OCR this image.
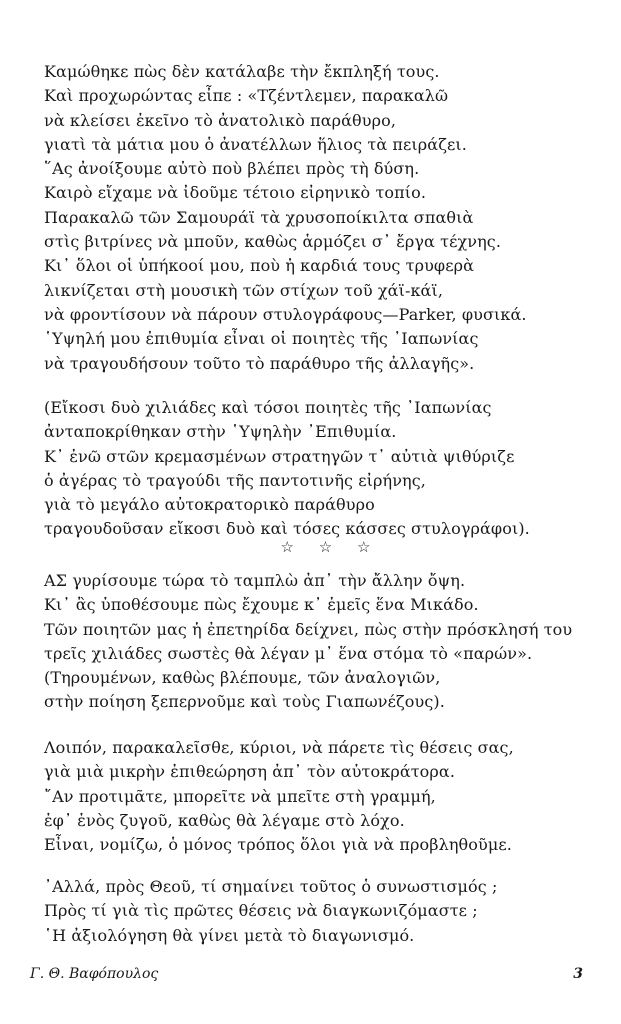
Καμώθηκε πὼς δὲν κατάλαβε τὴν ἔκπληξή τους.
Καὶ προχωρώντας εἶπε : «Τζέντλεμεν, παρακαλῶ
νὰ κλείσει ἐκεῖνο τὸ ἀνατολικὸ παράθυρο,
γιατὶ τὰ μάτια μου ὁ ἀνατέλλων ἥλιος τὰ πειράζει.
῞Ας ἀνοίξουμε αὐτὸ ποὺ βλέπει πρὸς τὴ δύση.
Καιρὸ εἴχαμε νὰ ἰδοῦμε τέτοιο εἰρηνικὸ τοπίο.
Παρακαλῶ τῶν Σαμουράϊ τὰ χρυσοποίκιλτα σπαθιὰ
στὶς βιτρίνες νὰ μποῦν, καθὼς ἁρμόζει σ᾽ ἔργα τέχνης.
Κι᾽ ὅλοι οἱ ὑπήκοοί μου, ποὺ ἡ καρδιά τους τρυφερὰ
λικνίζεται στὴ μουσικὴ τῶν στίχων τοῦ χάϊ-κάϊ,
νὰ φροντίσουν νὰ πάρουν στυλογράφους—Parker, φυσικά.
῾Υψηλή μου ἐπιθυμία εἶναι οἱ ποιητὲς τῆς ᾽Ιαπωνίας
νὰ τραγουδήσουν τοῦτο τὸ παράθυρο τῆς ἀλλαγῆς».
(Εἴκοσι δυὸ χιλιάδες καὶ τόσοι ποιητὲς τῆς ᾽Ιαπωνίας
ἀνταποκρίθηκαν στὴν ῾Υψηλὴν ᾽Επιθυμία.
Κ᾽ ἐνῶ στῶν κρεμασμένων στρατηγῶν τ᾽ αὐτιὰ ψιθύριζε
ὁ ἀγέρας τὸ τραγούδι τῆς παντοτινῆς εἰρήνης,
γιὰ τὸ μεγάλο αὐτοκρατορικὸ παράθυρο
τραγουδοῦσαν εἴκοσι δυὸ καὶ τόσες κάσσες στυλογράφοι).
☆ ☆ ☆
ΑΣ γυρίσουμε τώρα τὸ ταμπλὼ ἀπ᾽ τὴν ἄλλην ὄψη.
Κι᾽ ἂς ὑποθέσουμε πὼς ἔχουμε κ᾽ ἐμεῖς ἕνα Μικάδο.
Τῶν ποιητῶν μας ἡ ἐπετηρίδα δείχνει, πὼς στὴν πρόσκλησή του
τρεῖς χιλιάδες σωστὲς θὰ λέγαν μ᾽ ἕνα στόμα τὸ «παρών».
(Τηρουμένων, καθὼς βλέπουμε, τῶν ἀναλογιῶν,
στὴν ποίηση ξεπερνοῦμε καὶ τοὺς Γιαπωνέζους).
Λοιπόν, παρακαλεῖσθε, κύριοι, νὰ πάρετε τὶς θέσεις σας,
γιὰ μιὰ μικρὴν ἐπιθεώρηση ἀπ᾽ τὸν αὐτοκράτορα.
῎Αν προτιμᾶτε, μπορεῖτε νὰ μπεῖτε στὴ γραμμή,
ἐφ᾽ ἑνὸς ζυγοῦ, καθὼς θὰ λέγαμε στὸ λόχο.
Εἶναι, νομίζω, ὁ μόνος τρόπος ὅλοι γιὰ νὰ προβληθοῦμε.
᾽Αλλά, πρὸς Θεοῦ, τί σημαίνει τοῦτος ὁ συνωστισμός ;
Πρὸς τί γιὰ τὶς πρῶτες θέσεις νὰ διαγκωνιζόμαστε ;
῾Η ἀξιολόγηση θὰ γίνει μετὰ τὸ διαγωνισμό.
Γ. Θ. Βαφόπουλος	3
